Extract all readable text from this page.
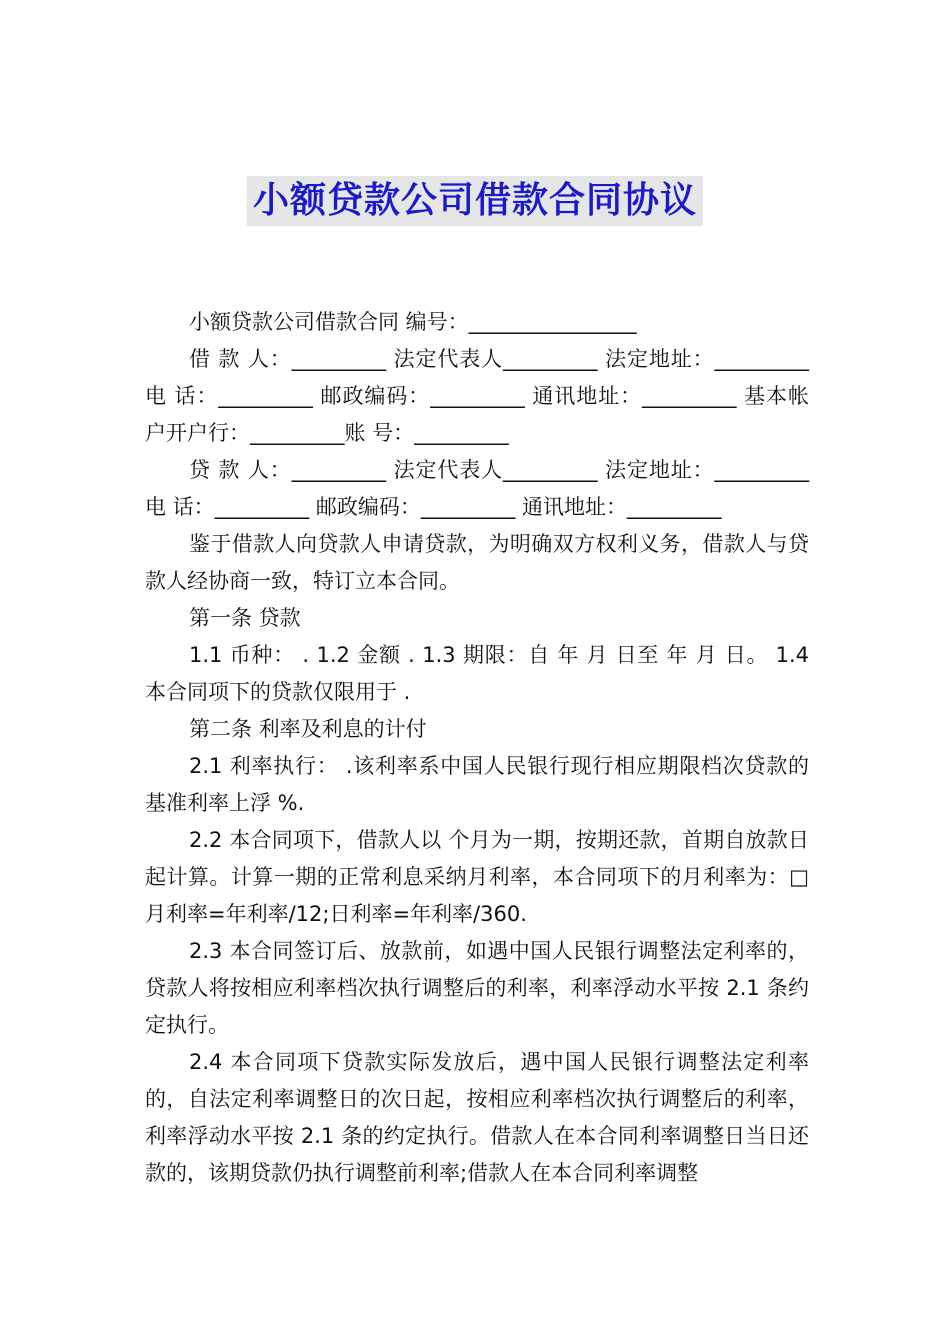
小额贷款公司借款合同协议

小额贷款公司借款合同 编号：________________

借 款 人：_________ 法定代表人_________ 法定地址：_________ 电 话：_________ 邮政编码：_________ 通讯地址：_________ 基本帐户开户行：_________账 号：_________

贷 款 人：_________ 法定代表人_________ 法定地址：_________ 电 话：_________ 邮政编码：_________ 通讯地址：_________

鉴于借款人向贷款人申请贷款，为明确双方权利义务，借款人与贷款人经协商一致，特订立本合同。

第一条 贷款

1.1 币种： . 1.2 金额 . 1.3 期限：自 年 月 日至 年 月 日。 1.4 本合同项下的贷款仅限用于 .

第二条 利率及利息的计付

2.1 利率执行： .该利率系中国人民银行现行相应期限档次贷款的基准利率上浮 %.

2.2 本合同项下，借款人以 个月为一期，按期还款，首期自放款日起计算。计算一期的正常利息采纳月利率，本合同项下的月利率为：□月利率=年利率/12;日利率=年利率/360.

2.3 本合同签订后、放款前，如遇中国人民银行调整法定利率的，贷款人将按相应利率档次执行调整后的利率，利率浮动水平按 2.1 条约定执行。

2.4 本合同项下贷款实际发放后，遇中国人民银行调整法定利率的，自法定利率调整日的次日起，按相应利率档次执行调整后的利率，利率浮动水平按 2.1 条的约定执行。借款人在本合同利率调整日当日还款的，该期贷款仍执行调整前利率;借款人在本合同利率调整
